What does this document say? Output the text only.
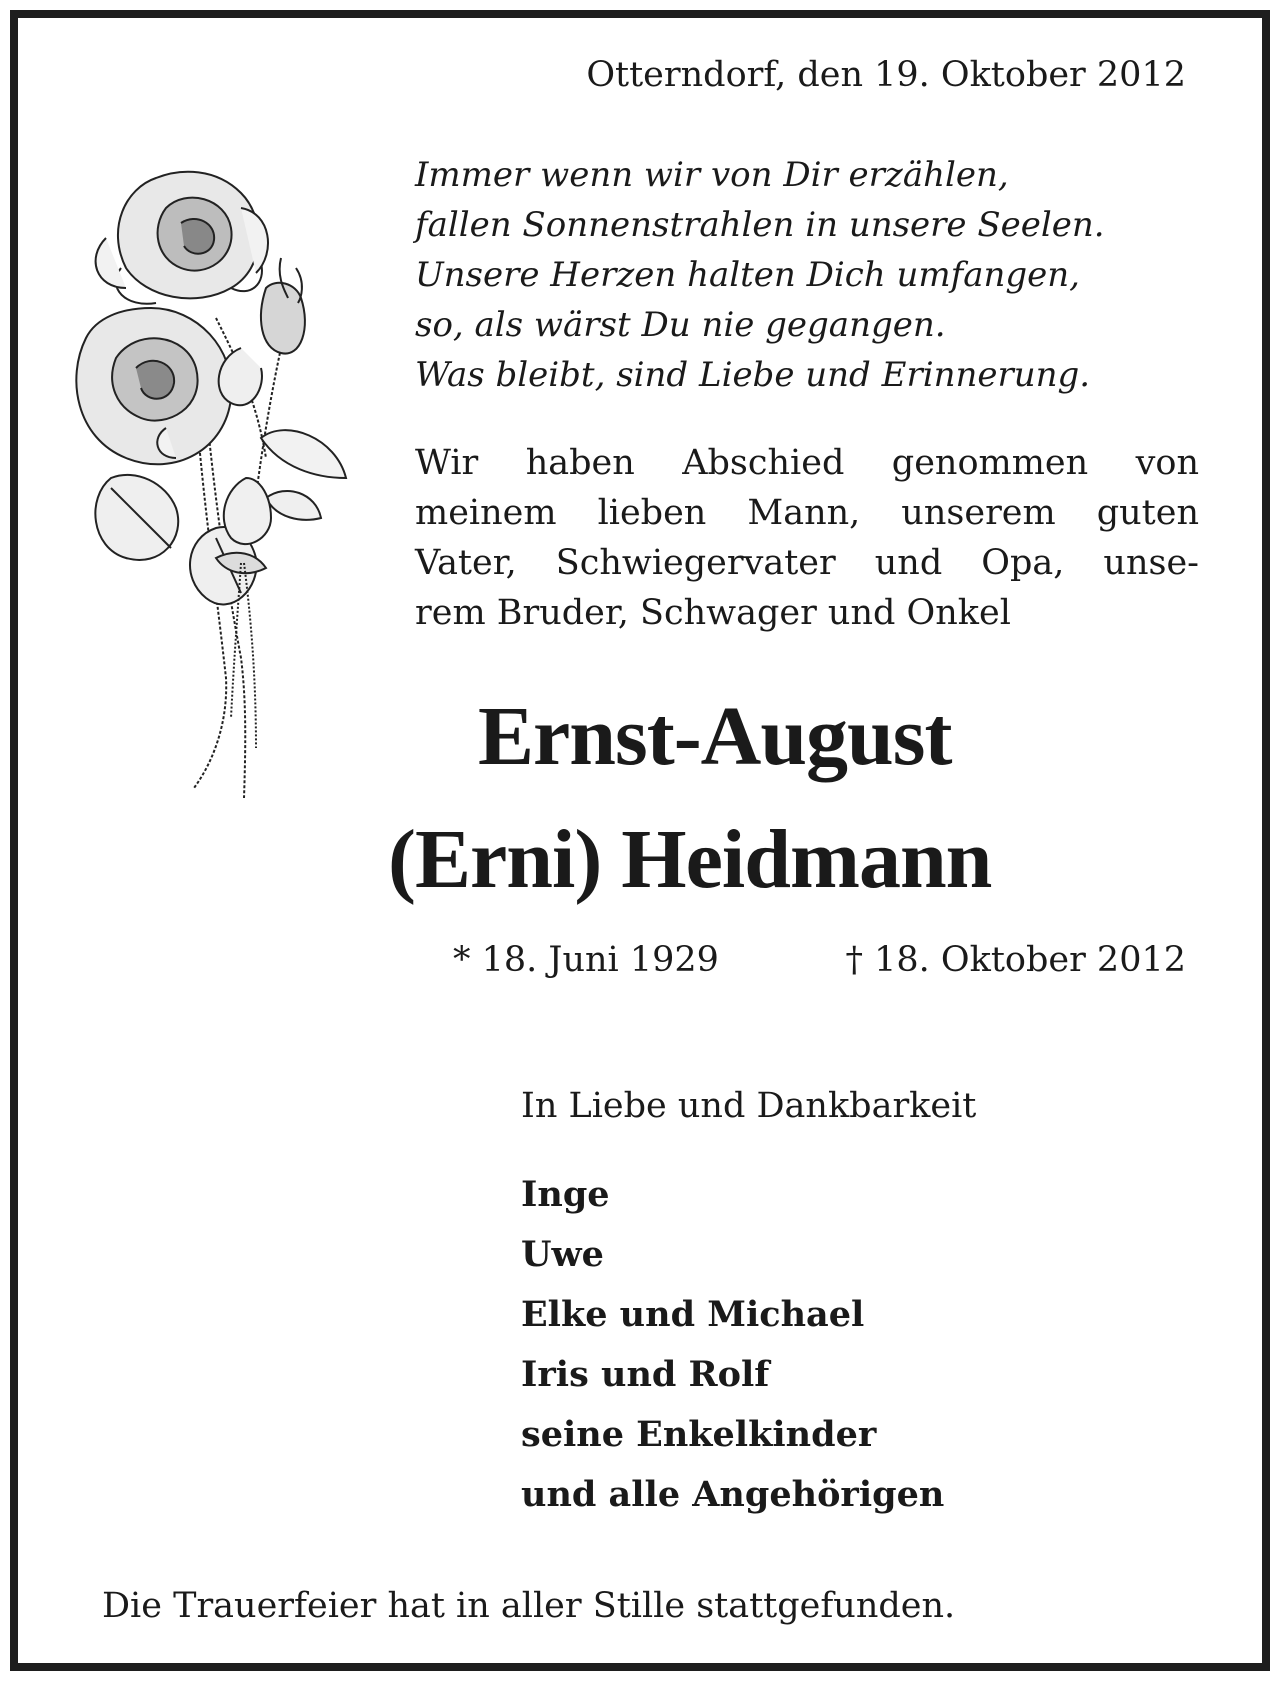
Otterndorf, den 19. Oktober 2012
Immer wenn wir von Dir erzählen,
fallen Sonnenstrahlen in unsere Seelen.
Unsere Herzen halten Dich umfangen,
so, als wärst Du nie gegangen.
Was bleibt, sind Liebe und Erinnerung.
Wir haben Abschied genommen von
meinem lieben Mann, unserem guten
Vater, Schwiegervater und Opa, unse-
rem Bruder, Schwager und Onkel
Ernst-August
(Erni) Heidmann
* 18. Juni 1929	† 18. Oktober 2012
In Liebe und Dankbarkeit
Inge
Uwe
Elke und Michael
Iris und Rolf
seine Enkelkinder
und alle Angehörigen
Die Trauerfeier hat in aller Stille stattgefunden.
